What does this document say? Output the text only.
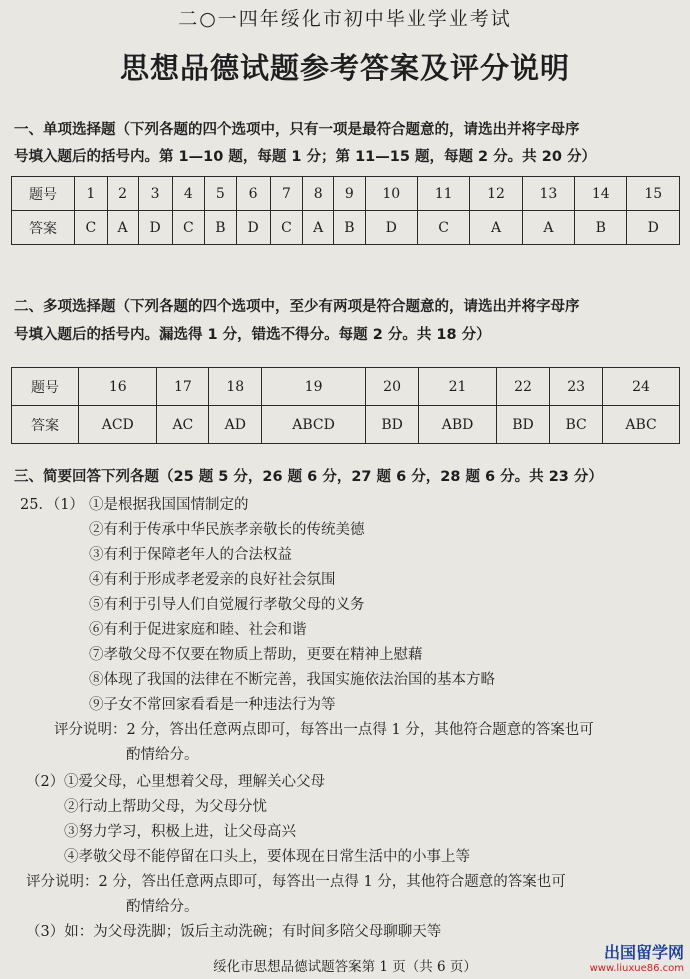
二○一四年绥化市初中毕业学业考试
思想品德试题参考答案及评分说明
一、单项选择题（下列各题的四个选项中，只有一项是最符合题意的，请选出并将字母序
号填入题后的括号内。第 1—10 题，每题 1 分；第 11—15 题，每题 2 分。共 20 分）
题号	1	2	3	4	5	6	7	8	9	10	11	12	13	14	15
答案	C	A	D	C	B	D	C	A	B	D	C	A	A	B	D
二、多项选择题（下列各题的四个选项中，至少有两项是符合题意的，请选出并将字母序
号填入题后的括号内。漏选得 1 分，错选不得分。每题 2 分。共 18 分）
题号	16	17	18	19	20	21	22	23	24
答案	ACD	AC	AD	ABCD	BD	ABD	BD	BC	ABC
三、简要回答下列各题（25 题 5 分，26 题 6 分，27 题 6 分，28 题 6 分。共 23 分）
25．（1） ①是根据我国国情制定的
②有利于传承中华民族孝亲敬长的传统美德
③有利于保障老年人的合法权益
④有利于形成孝老爱亲的良好社会氛围
⑤有利于引导人们自觉履行孝敬父母的义务
⑥有利于促进家庭和睦、社会和谐
⑦孝敬父母不仅要在物质上帮助，更要在精神上慰藉
⑧体现了我国的法律在不断完善，我国实施依法治国的基本方略
⑨子女不常回家看看是一种违法行为等
评分说明：2 分，答出任意两点即可，每答出一点得 1 分，其他符合题意的答案也可
酌情给分。
（2） ①爱父母，心里想着父母，理解关心父母
②行动上帮助父母，为父母分忧
③努力学习，积极上进，让父母高兴
④孝敬父母不能停留在口头上，要体现在日常生活中的小事上等
评分说明：2 分，答出任意两点即可，每答出一点得 1 分，其他符合题意的答案也可
酌情给分。
（3）如：为父母洗脚；饭后主动洗碗；有时间多陪父母聊聊天等
绥化市思想品德试题答案第 1 页（共 6 页）
出国留学网
www.liuxue86.com
